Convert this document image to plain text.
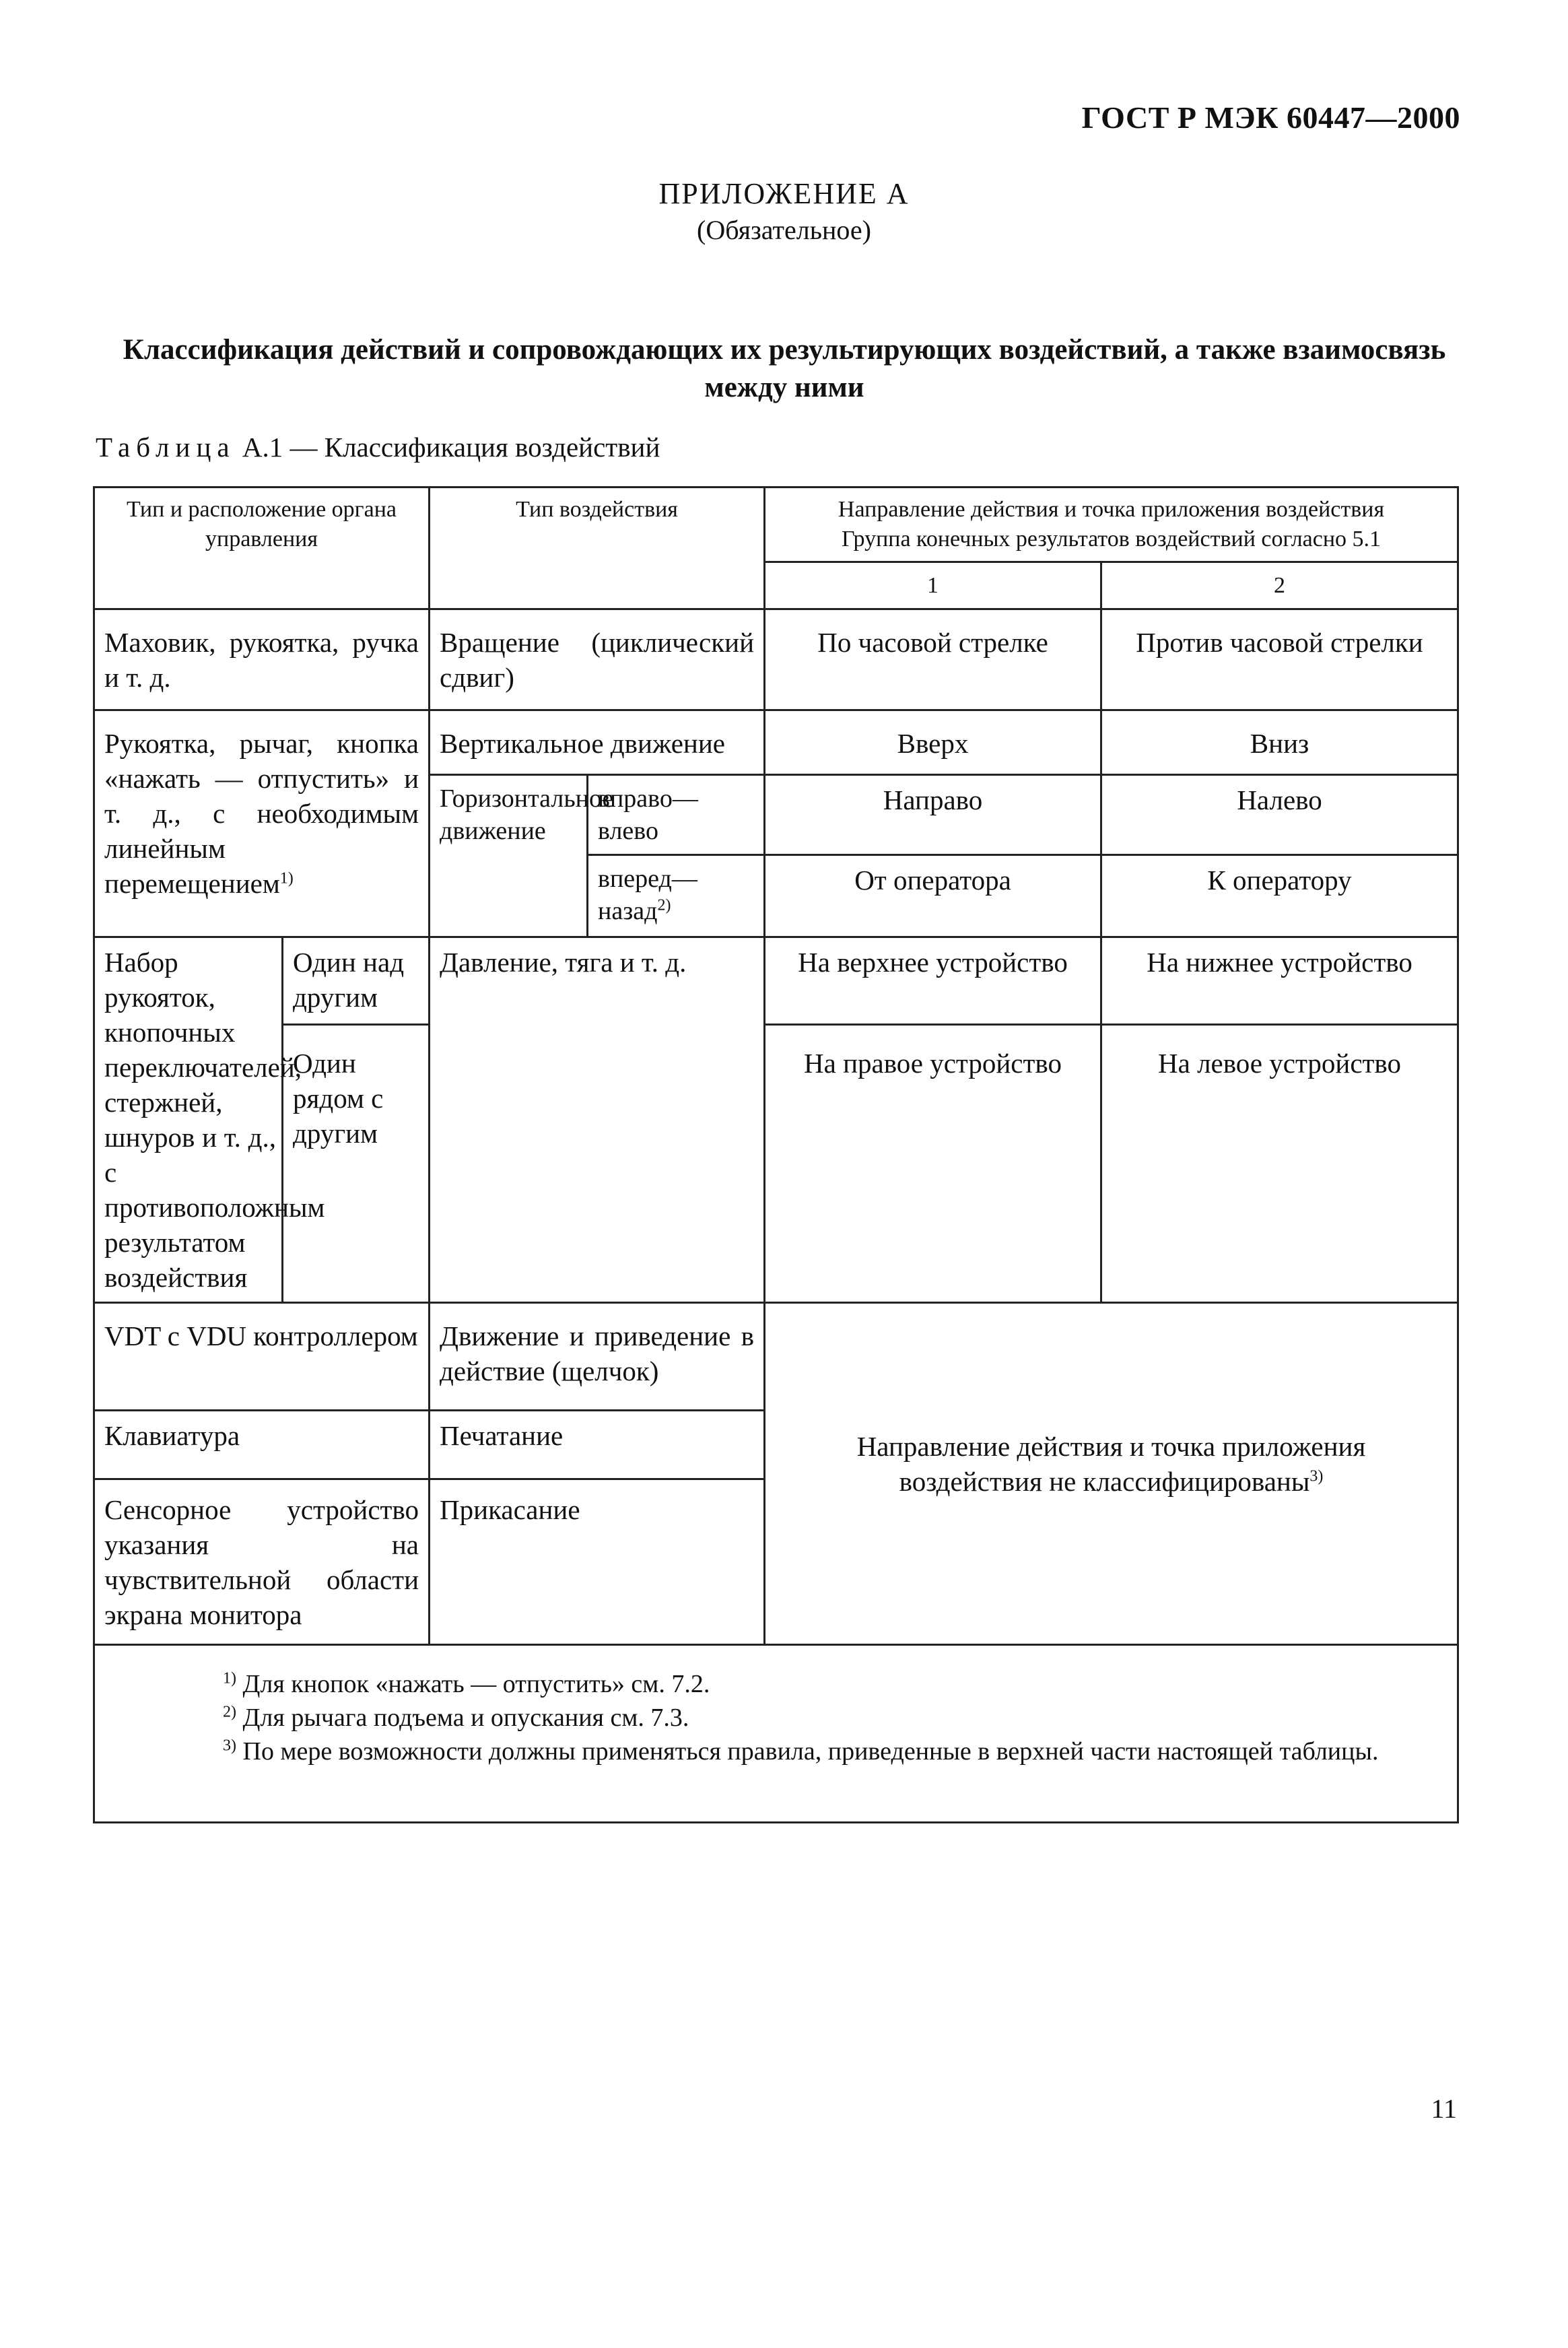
ГОСТ Р МЭК 60447—2000
ПРИЛОЖЕНИЕ А
(Обязательное)
Классификация действий и сопровождающих их результирующих воздействий, а также взаимосвязь
между ними
Таблица А.1 — Классификация воздействий
Тип и расположение органа управления		Тип воздействия		Направление действия и точка приложения воздействия
Группа конечных результатов воздействий согласно 5.1	
				1	2
Маховик, рукоятка, ручка и т. д.		Вращение (циклический сдвиг)		По часовой стрелке	Против часовой стрелки
Рукоятка, рычаг, кнопка «нажать — отпустить» и т. д., с необходимым линейным перемещением$^{1)}$		Вертикальное движение		Вверх	Вниз
		Горизонтальное движение	вправо— влево	Направо	Налево
			вперед— назад$^{2)}$	От оператора	К оператору
Набор рукояток, кнопочных переключателей, стержней, шнуров и т. д., с противоположным результатом воздействия	Один над другим	Давление, тяга и т. д.		На верхнее устройство	На нижнее устройство
	Один рядом с другим			На правое устройство	На левое устройство
VDT с VDU контроллером		Движение и приведение в действие (щелчок)		Направление действия и точка приложения воздействия не классифицированы$^{3)}$
Клавиатура		Печатание			
Сенсорное устройство указания на чувствительной области экрана монитора		Прикасание			

$^{1)}$ Для кнопок «нажать — отпустить» см. 7.2.
$^{2)}$ Для рычага подъема и опускания см. 7.3.
$^{3)}$ По мере возможности должны применяться правила, приведенные в верхней части настоящей таблицы.					
11
